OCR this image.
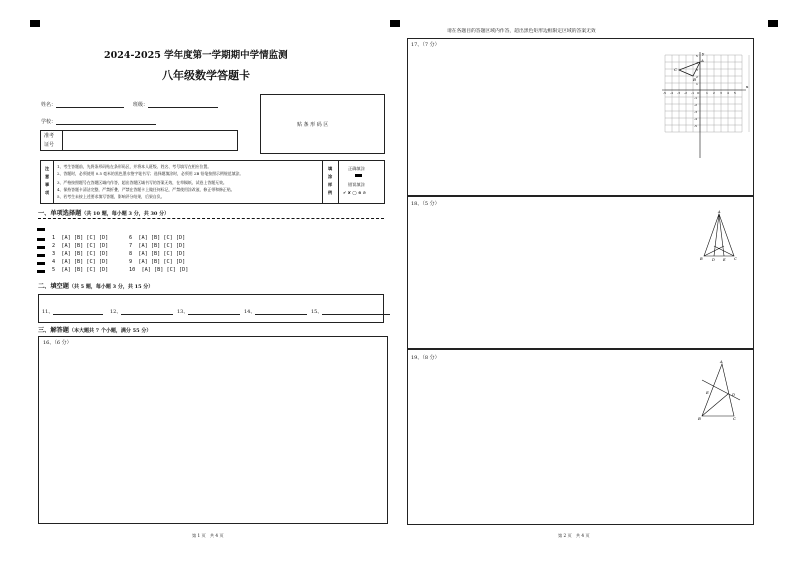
2024-2025 学年度第一学期期中学情监测
八年级数学答题卡
姓名：	班级：
学校：
准考
证号
贴 条 形 码 区
注
意
事
项
1、考生答题前，先将条形码贴在条形码区，并将本人班级、姓名、考号填写在相应位置。
2、答题时，必须使用 0.5 毫米的黑色墨水签字笔书写；选择题填涂时，必须用 2B 铅笔按照示例规范填涂。
3、严格按照题号在答题区域内作答，超出答题区域书写的答案无效，在草稿纸、试卷上答题无效。
4、保持答题卡清洁完整，严禁折叠，严禁在答题卡上做任何标记，严禁使用涂改液、修正带和修正贴。
5、若考生未按上述要求填写答题，影响评分结果，后果自负。
填
涂
样
例
正确填涂
错误填涂
✔ ✘ ◯ ⊗ ⊘
一、单项选择题（共 10 题，每小题 3 分，共 30 分）
1 [A] [B] [C] [D]
2 [A] [B] [C] [D]
3 [A] [B] [C] [D]
4 [A] [B] [C] [D]
5 [A] [B] [C] [D]
6 [A] [B] [C] [D]
7 [A] [B] [C] [D]
8 [A] [B] [C] [D]
9 [A] [B] [C] [D]
10 [A] [B] [C] [D]
二、填空题（共 5 题，每小题 3 分，共 15 分）
11、	12、	13、	14、	15、
三、解答题（本大题共 7 个小题，满分 55 分）
16、（6 分）
第 1 页　共 4 页
请在各题目的答题区域内作答，超出黑色矩形边框限定区域的答案无效
17、（7 分）
x
y
-5 -4 -3 -2 -1 O 1 2 3 4 5
5
4
3
2
1
-1
-2
-3
-4
-5
A
B
C
18、（5 分）
A
B	C
D E
19、（8 分）
A
B	C
D
E
第 2 页　共 4 页
